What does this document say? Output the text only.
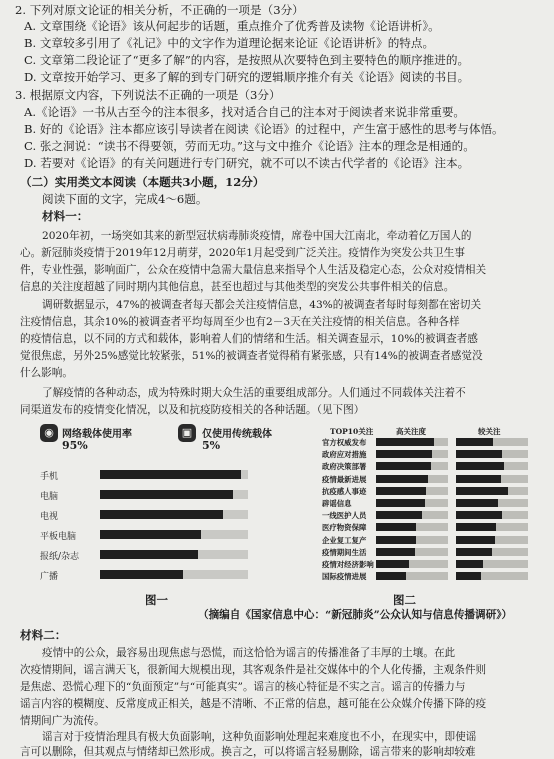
2. 下列对原文论证的相关分析，不正确的一项是（3分）
A. 文章围绕《论语》该从何起步的话题，重点推介了优秀普及读物《论语讲析》。
B. 文章较多引用了《礼记》中的文字作为道理论据来论证《论语讲析》的特点。
C. 文章第二段论证了“更多了解”的内容，是按照从次要特色到主要特色的顺序推进的。
D. 文章按开始学习、更多了解的到专门研究的逻辑顺序推介有关《论语》阅读的书目。
3. 根据原文内容，下列说法不正确的一项是（3分）
A.《论语》一书从古至今的注本很多，找对适合自己的注本对于阅读者来说非常重要。
B. 好的《论语》注本都应该引导读者在阅读《论语》的过程中，产生富于感性的思考与体悟。
C. 张之洞说：“读书不得要领，劳而无功。”这与文中推介《论语》注本的理念是相通的。
D. 若要对《论语》的有关问题进行专门研究，就不可以不读古代学者的《论语》注本。
（二）实用类文本阅读（本题共3小题，12分）
阅读下面的文字，完成4～6题。
材料一：
2020年初，一场突如其来的新型冠状病毒肺炎疫情，席卷中国大江南北，牵动着亿万国人的
心。新冠肺炎疫情于2019年12月萌芽，2020年1月起受到广泛关注。疫情作为突发公共卫生事
件，专业性强，影响面广，公众在疫情中急需大量信息来指导个人生活及稳定心态，公众对疫情相关
信息的关注度超越了同时期内其他信息，甚至也超过与其他类型的突发公共事件相关的信息。
调研数据显示，47%的被调查者每天都会关注疫情信息，43%的被调查者每时每刻都在密切关
注疫情信息，其余10%的被调查者平均每周至少也有2－3天在关注疫情的相关信息。各种各样
的疫情信息，以不同的方式和载体，影响着人们的情绪和生活。相关调查显示，10%的被调查者感
觉很焦虑，另外25%感觉比较紧张，51%的被调查者觉得稍有紧张感，只有14%的被调查者感觉没
什么影响。
了解疫情的各种动态，成为特殊时期大众生活的重要组成部分。人们通过不同载体关注着不
同渠道发布的疫情变化情况，以及和抗疫防疫相关的各种话题。（见下图）
◉ 网络载体使用率
95%
▣ 仅使用传统载体
5%
手机
电脑
电视
平板电脑
报纸/杂志
广播
图一
TOP10关注	高关注度	较关注
官方权威发布
政府应对措施
政府决策部署
疫情最新进展
抗疫感人事迹
辟谣信息
一线医护人员
医疗物资保障
企业复工复产
疫情期间生活
疫情对经济影响
国际疫情进展
图二
（摘编自《国家信息中心：“新冠肺炎”公众认知与信息传播调研》）
材料二：
疫情中的公众，最容易出现焦虑与恐慌，而这恰恰为谣言的传播准备了丰厚的土壤。在此
次疫情期间，谣言满天飞，很新闻大规模出现，其客观条件是社交媒体中的个人化传播，主观条件则
是焦虑、恐慌心理下的“负面预定”与“可能真实”。谣言的核心特征是不实之言。谣言的传播力与
谣言内容的模糊度、反常度成正相关，越是不清晰、不正常的信息，越可能在公众媒介传播下降的疫
情期间广为流传。
谣言对于疫情治理具有极大负面影响，这种负面影响处理起来难度也不小，在现实中，即使谣
言可以删除，但其观点与情绪却已然形成。换言之，可以将谣言轻易删除，谣言带来的影响却较难
